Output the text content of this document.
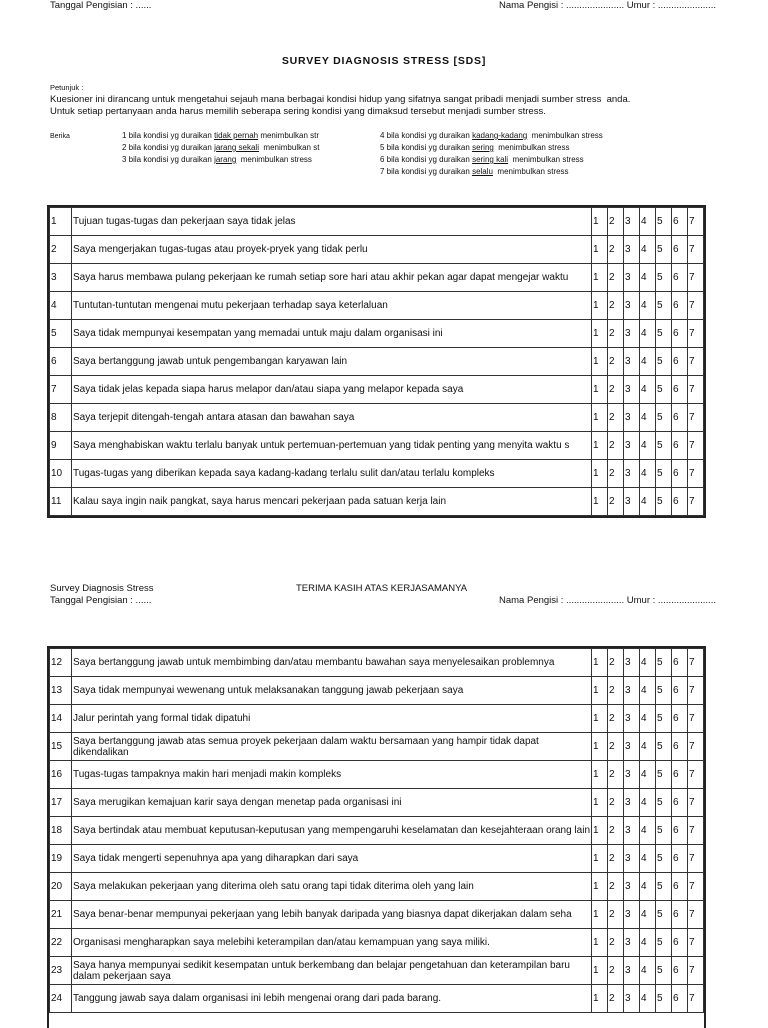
Tanggal Pengisian : ......	Nama Pengisi : ...................... Umur : ......................
SURVEY DIAGNOSIS STRESS [SDS]
Petunjuk :
Kuesioner ini dirancang untuk mengetahui sejauh mana berbagai kondisi hidup yang sifatnya sangat pribadi menjadi sumber stress  anda.
Untuk setiap pertanyaan anda harus memilih seberapa sering kondisi yang dimaksud tersebut menjadi sumber stress.
Berika	1 bila kondisi yg duraikan tidak pernah menimbulkan str
2 bila kondisi yg duraikan jarang sekali  menimbulkan st
3 bila kondisi yg duraikan jarang  menimbulkan stress
4 bila kondisi yg duraikan kadang-kadang  menimbulkan stress
5 bila kondisi yg duraikan sering  menimbulkan stress
6 bila kondisi yg duraikan sering kali  menimbulkan stress
7 bila kondisi yg duraikan selalu  menimbulkan stress
1	Tujuan tugas-tugas dan pekerjaan saya tidak jelas	1	2	3	4	5	6	7
2	Saya mengerjakan tugas-tugas atau proyek-pryek yang tidak perlu	1	2	3	4	5	6	7
3	Saya harus membawa pulang pekerjaan ke rumah setiap sore hari atau akhir pekan agar dapat mengejar waktu	1	2	3	4	5	6	7
4	Tuntutan-tuntutan mengenai mutu pekerjaan terhadap saya keterlaluan	1	2	3	4	5	6	7
5	Saya tidak mempunyai kesempatan yang memadai untuk maju dalam organisasi ini	1	2	3	4	5	6	7
6	Saya bertanggung jawab untuk pengembangan karyawan lain	1	2	3	4	5	6	7
7	Saya tidak jelas kepada siapa harus melapor dan/atau siapa yang melapor kepada saya	1	2	3	4	5	6	7
8	Saya terjepit ditengah-tengah antara atasan dan bawahan saya	1	2	3	4	5	6	7
9	Saya menghabiskan waktu terlalu banyak untuk pertemuan-pertemuan yang tidak penting yang menyita waktu s	1	2	3	4	5	6	7
10	Tugas-tugas yang diberikan kepada saya kadang-kadang terlalu sulit dan/atau terlalu kompleks	1	2	3	4	5	6	7
11	Kalau saya ingin naik pangkat, saya harus mencari pekerjaan pada satuan kerja lain	1	2	3	4	5	6	7
Survey Diagnosis Stress	TERIMA KASIH ATAS KERJASAMANYA
Tanggal Pengisian : ......	Nama Pengisi : ...................... Umur : ......................
12	Saya bertanggung jawab untuk membimbing dan/atau membantu bawahan saya menyelesaikan problemnya	1	2	3	4	5	6	7
13	Saya tidak mempunyai wewenang untuk melaksanakan tanggung jawab pekerjaan saya	1	2	3	4	5	6	7
14	Jalur perintah yang formal tidak dipatuhi	1	2	3	4	5	6	7
15	Saya bertanggung jawab atas semua proyek pekerjaan dalam waktu bersamaan yang hampir tidak dapat dikendalikan	1	2	3	4	5	6	7
16	Tugas-tugas tampaknya makin hari menjadi makin kompleks	1	2	3	4	5	6	7
17	Saya merugikan kemajuan karir saya dengan menetap pada organisasi ini	1	2	3	4	5	6	7
18	Saya bertindak atau membuat keputusan-keputusan yang mempengaruhi keselamatan dan kesejahteraan orang lain	1	2	3	4	5	6	7
19	Saya tidak mengerti sepenuhnya apa yang diharapkan dari saya	1	2	3	4	5	6	7
20	Saya melakukan pekerjaan yang diterima oleh satu orang tapi tidak diterima oleh yang lain	1	2	3	4	5	6	7
21	Saya benar-benar mempunyai pekerjaan yang lebih banyak daripada yang biasnya dapat dikerjakan dalam seha	1	2	3	4	5	6	7
22	Organisasi mengharapkan saya melebihi keterampilan dan/atau kemampuan yang saya miliki.	1	2	3	4	5	6	7
23	Saya hanya mempunyai sedikit kesempatan untuk berkembang dan belajar pengetahuan dan keterampilan baru dalam pekerjaan saya	1	2	3	4	5	6	7
24	Tanggung jawab saya dalam organisasi ini lebih mengenai orang dari pada barang.	1	2	3	4	5	6	7
